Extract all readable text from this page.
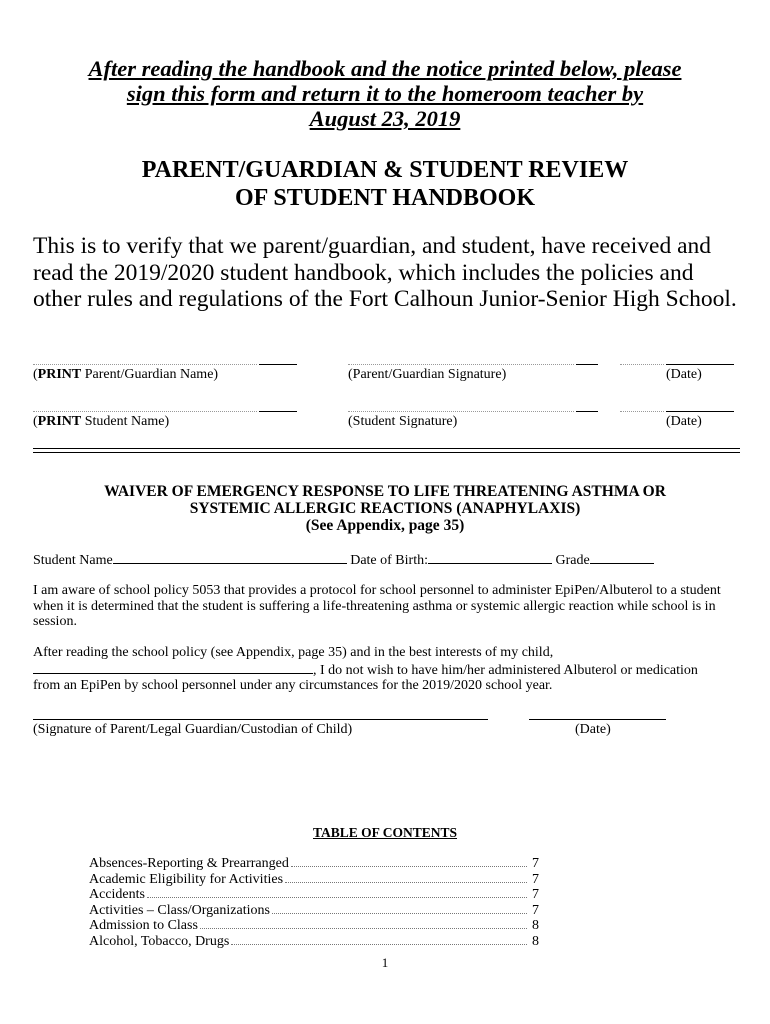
After reading the handbook and the notice printed below, please
sign this form and return it to the homeroom teacher by
August 23, 2019
PARENT/GUARDIAN & STUDENT REVIEW
OF STUDENT HANDBOOK
This is to verify that we parent/guardian, and student, have received and read the 2019/2020 student handbook, which includes the policies and other rules and regulations of the Fort Calhoun Junior-Senior High School.
(PRINT Parent/Guardian Name)	(Parent/Guardian Signature)	(Date)
(PRINT Student Name)	(Student Signature)	(Date)
WAIVER OF EMERGENCY RESPONSE TO LIFE THREATENING ASTHMA OR
SYSTEMIC ALLERGIC REACTIONS (ANAPHYLAXIS)
(See Appendix, page 35)
Student Name	Date of Birth:	Grade
I am aware of school policy 5053 that provides a protocol for school personnel to administer EpiPen/Albuterol to a student when it is determined that the student is suffering a life-threatening asthma or systemic allergic reaction while school is in session.
After reading the school policy (see Appendix, page 35) and in the best interests of my child,
, I do not wish to have him/her administered Albuterol or medication
from an EpiPen by school personnel under any circumstances for the 2019/2020 school year.
(Signature of Parent/Legal Guardian/Custodian of Child)	(Date)
TABLE OF CONTENTS
Absences-Reporting & Prearranged	7
Academic Eligibility for Activities	7
Accidents	7
Activities – Class/Organizations	7
Admission to Class	8
Alcohol, Tobacco, Drugs	8
1
